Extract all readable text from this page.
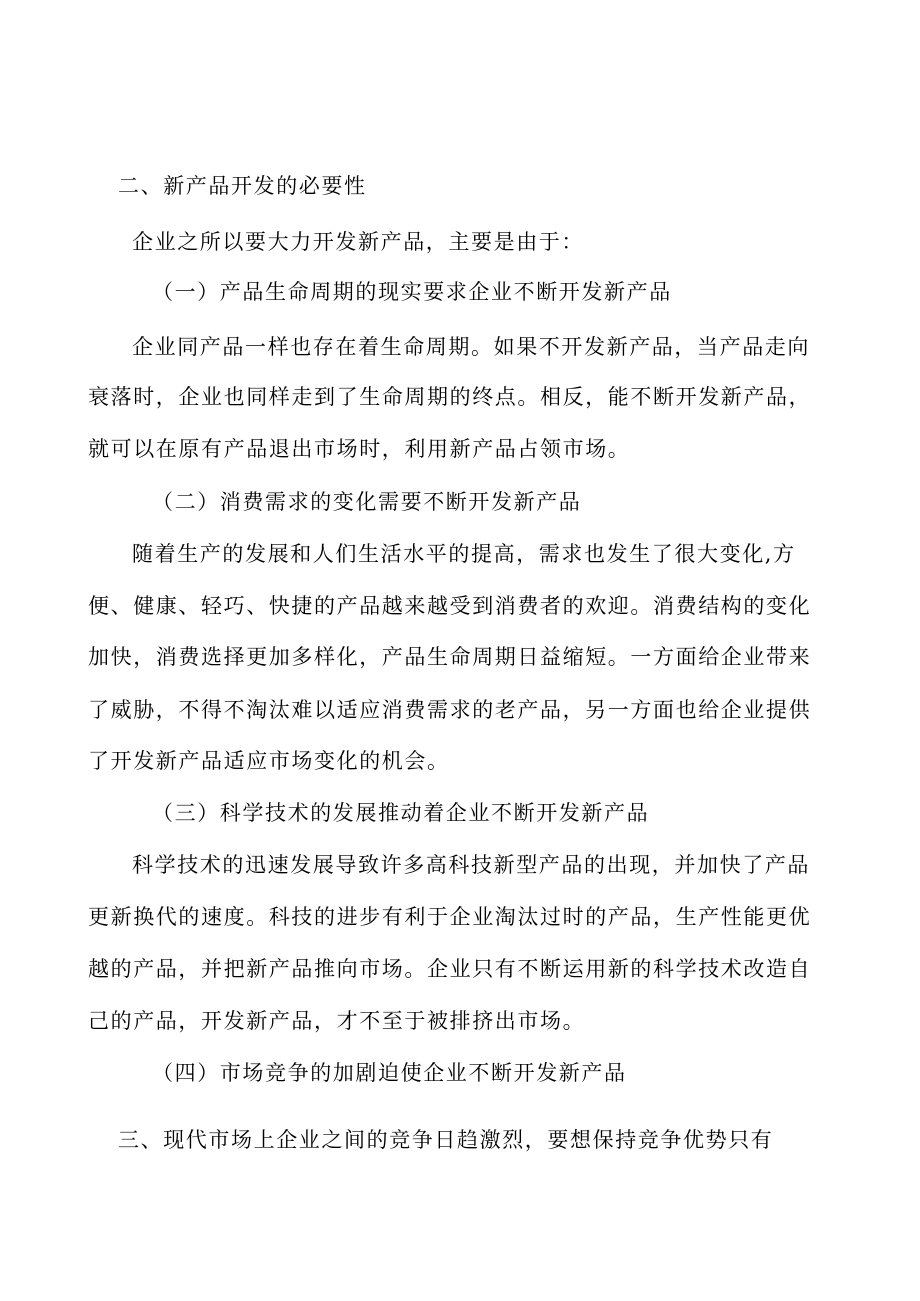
二、新产品开发的必要性
企业之所以要大力开发新产品，主要是由于：
（一）产品生命周期的现实要求企业不断开发新产品
企业同产品一样也存在着生命周期。如果不开发新产品，当产品走向
衰落时，企业也同样走到了生命周期的终点。相反，能不断开发新产品，
就可以在原有产品退出市场时，利用新产品占领市场。
（二）消费需求的变化需要不断开发新产品
随着生产的发展和人们生活水平的提高，需求也发生了很大变化,方
便、健康、轻巧、快捷的产品越来越受到消费者的欢迎。消费结构的变化
加快，消费选择更加多样化，产品生命周期日益缩短。一方面给企业带来
了威胁，不得不淘汰难以适应消费需求的老产品，另一方面也给企业提供
了开发新产品适应市场变化的机会。
（三）科学技术的发展推动着企业不断开发新产品
科学技术的迅速发展导致许多高科技新型产品的出现，并加快了产品
更新换代的速度。科技的进步有利于企业淘汰过时的产品，生产性能更优
越的产品，并把新产品推向市场。企业只有不断运用新的科学技术改造自
己的产品，开发新产品，才不至于被排挤出市场。
（四）市场竞争的加剧迫使企业不断开发新产品
三、现代市场上企业之间的竞争日趋激烈，要想保持竞争优势只有
